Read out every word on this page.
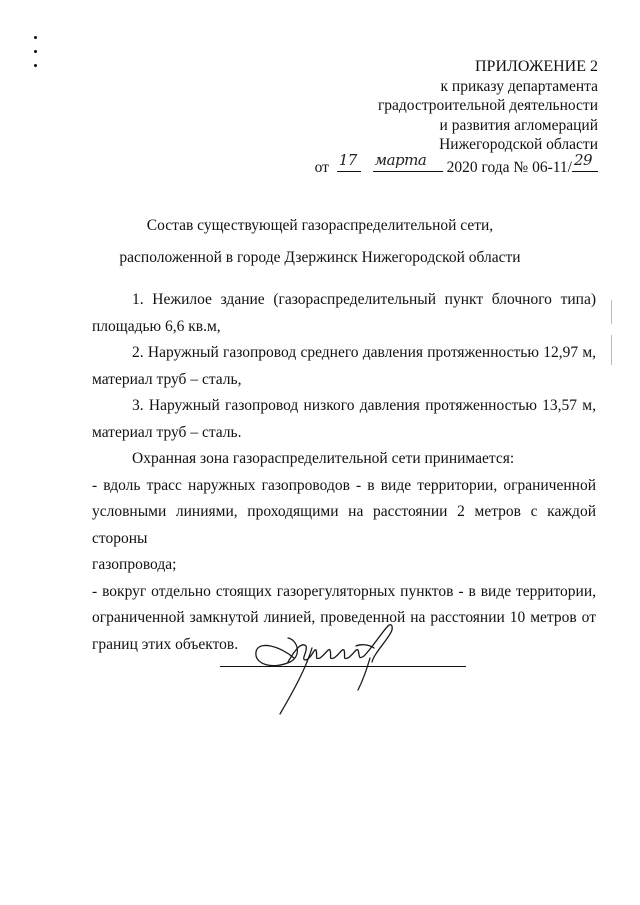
ПРИЛОЖЕНИЕ 2
к приказу департамента
градостроительной деятельности
и развития агломераций
Нижегородской области
от 17
марта 2020 года № 06-11/ 29
Состав существующей газораспределительной сети,
расположенной в городе Дзержинск Нижегородской области

1. Нежилое здание (газораспределительный пункт блочного типа)
площадью 6,6 кв.м,

2. Наружный газопровод среднего давления протяженностью 12,97 м,
материал труб – сталь,

3. Наружный газопровод низкого давления протяженностью 13,57 м,
материал труб – сталь.

Охранная зона газораспределительной сети принимается:

- вдоль трасс наружных газопроводов - в виде территории, ограниченной
условными линиями, проходящими на расстоянии 2 метров с каждой стороны
газопровода;

- вокруг отдельно стоящих газорегуляторных пунктов - в виде территории,
ограниченной замкнутой линией, проведенной на расстоянии 10 метров от
границ этих объектов.
